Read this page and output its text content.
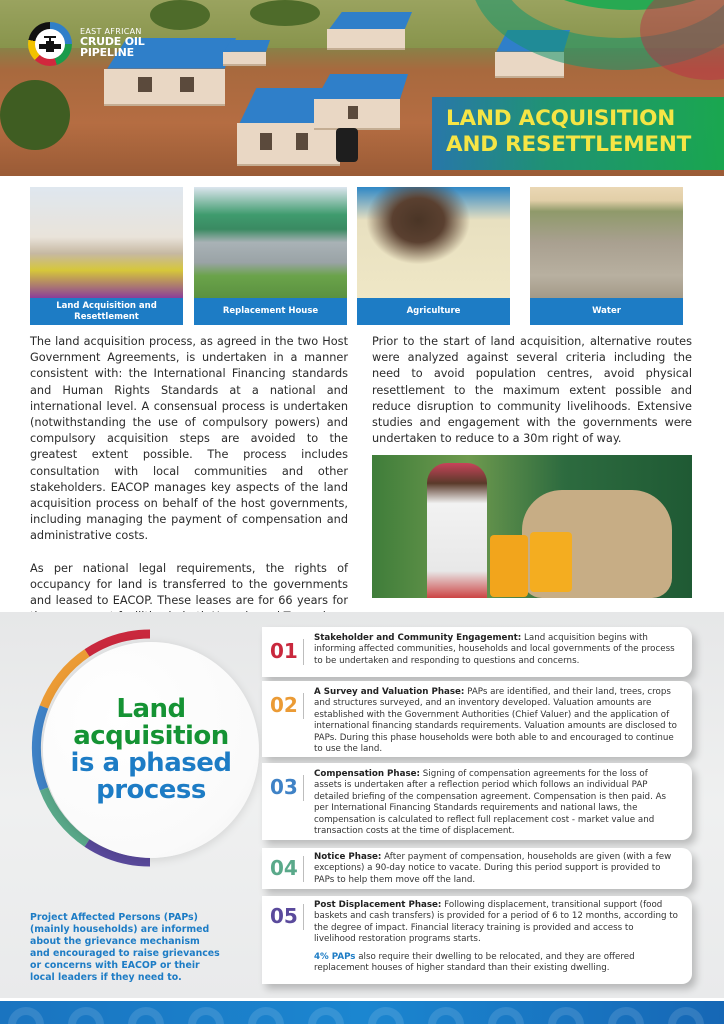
EAST AFRICAN
CRUDE OIL
PIPELINE
LAND ACQUISITION
AND RESETTLEMENT
Land Acquisition and Resettlement
Replacement House	Agriculture	Water

The land acquisition process, as agreed in the two Host Government Agreements, is undertaken in a manner consistent with: the International Financing standards and Human Rights Standards at a national and international level. A consensual process is undertaken (notwithstanding the use of compulsory powers) and compulsory acquisition steps are avoided to the greatest extent possible. The process includes consultation with local communities and other stakeholders. EACOP manages key aspects of the land acquisition process on behalf of the host governments, including managing the payment of compensation and administrative costs.

As per national legal requirements, the rights of occupancy for land is transferred to the governments and leased to EACOP. These leases are for 66 years for

Prior to the start of land acquisition, alternative routes were analyzed against several criteria including the need to avoid population centres, avoid physical resettlement to the maximum extent possible and reduce disruption to community livelihoods. Extensive studies and engagement with the governments were undertaken to reduce to a 30m right of way.

Land
acquisition
is a phased
process
Project Affected Persons (PAPs) (mainly households) are informed about the grievance mechanism and encouraged to raise grievances or concerns with EACOP or their local leaders if they need to.
01
Stakeholder and Community Engagement: Land acquisition begins with informing affected communities, households and local governments of the process to be undertaken and responding to questions and concerns.
02
A Survey and Valuation Phase: PAPs are identified, and their land, trees, crops and structures surveyed, and an inventory developed. Valuation amounts are established with the Government Authorities (Chief Valuer) and the application of international financing standards requirements. Valuation amounts are disclosed to PAPs. During this phase households were both able to and encouraged to continue to use the land.
03
Compensation Phase: Signing of compensation agreements for the loss of assets is undertaken after a reflection period which follows an individual PAP detailed briefing of the compensation agreement. Compensation is then paid. As per International Financing Standards requirements and national laws, the compensation is calculated to reflect full replacement cost - market value and transaction costs at the time of displacement.
04 Notice Phase: After payment of compensation, households are given (with a few exceptions) a 90-day notice to vacate. During this period support is provided to PAPs to help them move off the land.
05 Post Displacement Phase: Following displacement, transitional support (food baskets and cash transfers) is provided for a period of 6 to 12 months, according to the degree of impact. Financial literacy training is provided and access to livelihood restoration programs starts.
4% PAPs also require their dwelling to be relocated, and they are offered replacement houses of higher standard than their existing dwelling.
